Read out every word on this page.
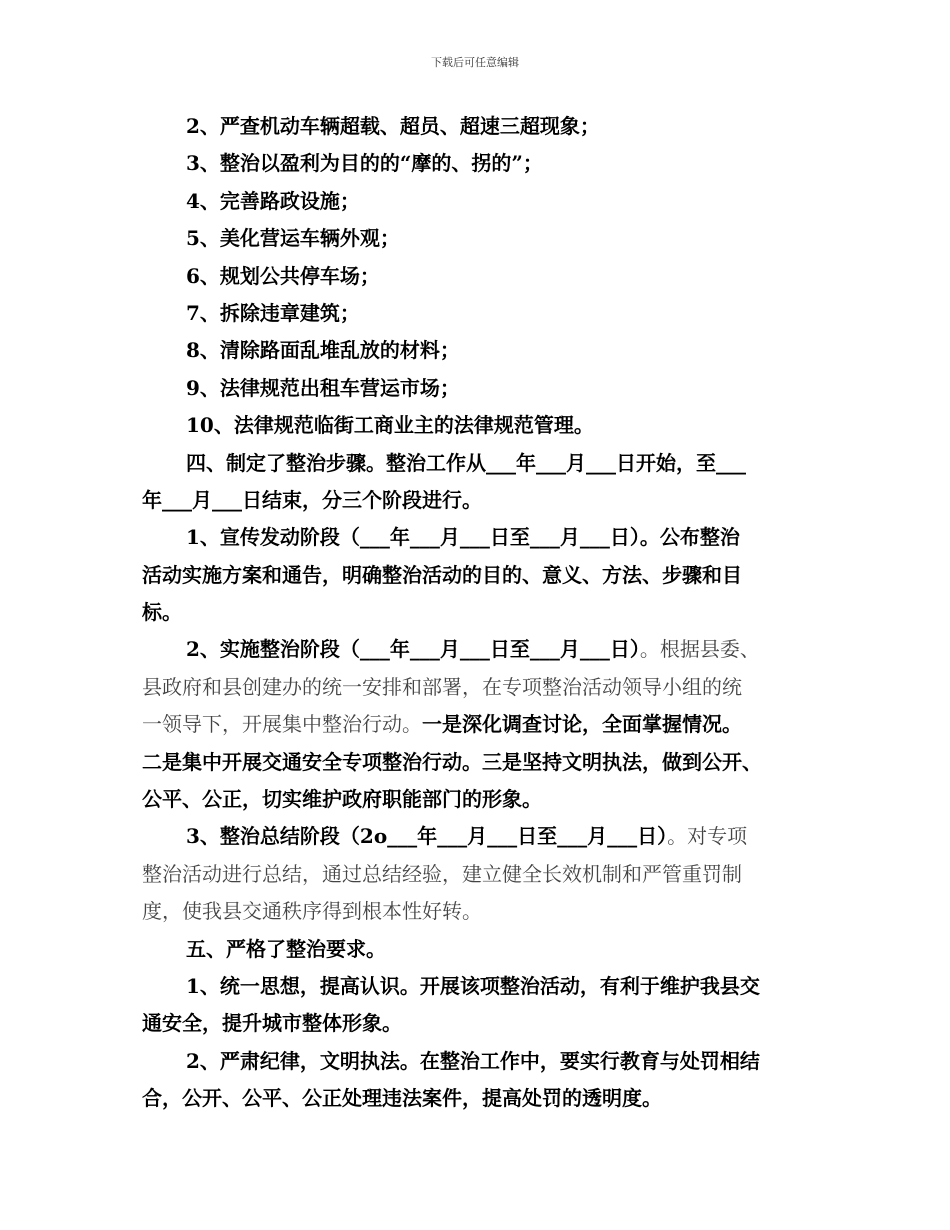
下载后可任意编辑
2、严查机动车辆超载、超员、超速三超现象；
3、整治以盈利为目的的“摩的、拐的”；
4、完善路政设施；
5、美化营运车辆外观；
6、规划公共停车场；
7、拆除违章建筑；
8、清除路面乱堆乱放的材料；
9、法律规范出租车营运市场；
10、法律规范临街工商业主的法律规范管理。
四、制定了整治步骤。整治工作从___年___月___日开始，至___
年___月___日结束，分三个阶段进行。
1、宣传发动阶段（___年___月___日至___月___日）。公布整治
活动实施方案和通告，明确整治活动的目的、意义、方法、步骤和目
标。
2、实施整治阶段（___年___月___日至___月___日）。根据县委、
县政府和县创建办的统一安排和部署，在专项整治活动领导小组的统
一领导下，开展集中整治行动。一是深化调查讨论，全面掌握情况。
二是集中开展交通安全专项整治行动。三是坚持文明执法，做到公开、
公平、公正，切实维护政府职能部门的形象。
3、整治总结阶段（2o___年___月___日至___月___日）。对专项
整治活动进行总结，通过总结经验，建立健全长效机制和严管重罚制
度，使我县交通秩序得到根本性好转。
五、严格了整治要求。
1、统一思想，提高认识。开展该项整治活动，有利于维护我县交
通安全，提升城市整体形象。
2、严肃纪律，文明执法。在整治工作中，要实行教育与处罚相结
合，公开、公平、公正处理违法案件，提高处罚的透明度。
